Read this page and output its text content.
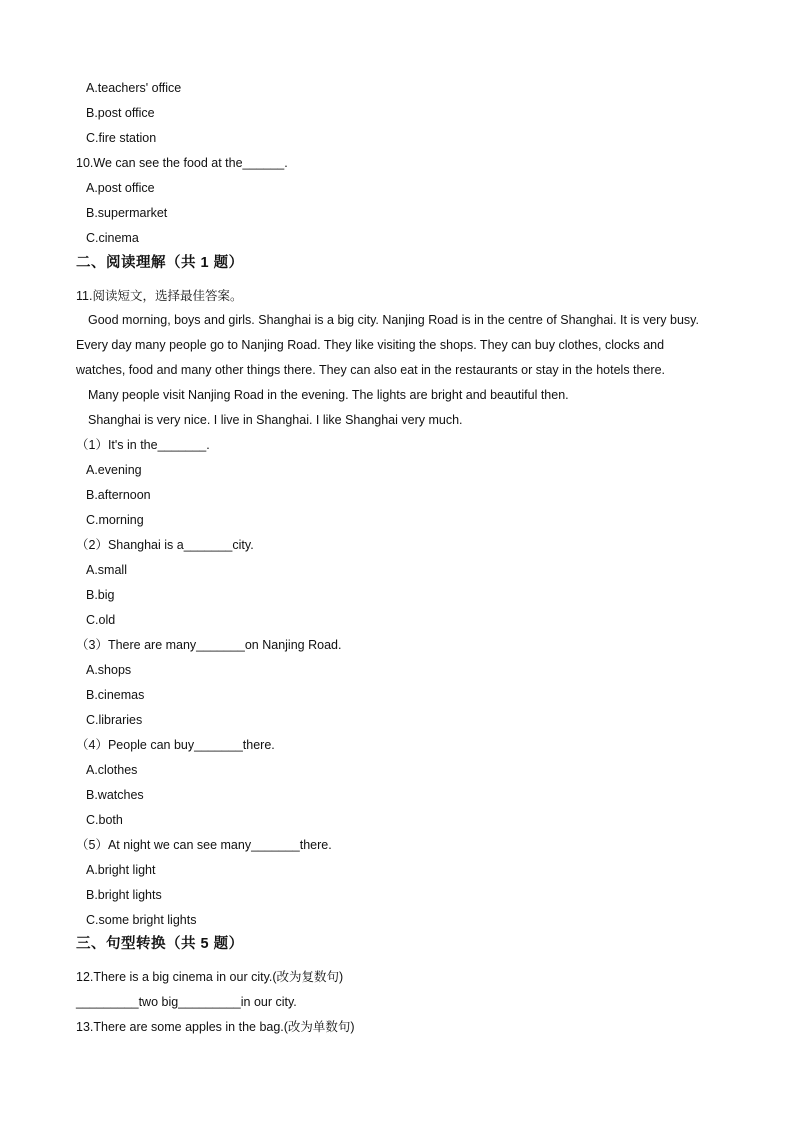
A.teachers' office
B.post office
C.fire station
10.We can see the food at the______.
A.post office
B.supermarket
C.cinema
二、阅读理解（共 1 题）
11.阅读短文，选择最佳答案。
Good morning, boys and girls. Shanghai is a big city. Nanjing Road is in the centre of Shanghai. It is very busy.
Every day many people go to Nanjing Road. They like visiting the shops. They can buy clothes, clocks and
watches, food and many other things there. They can also eat in the restaurants or stay in the hotels there.
Many people visit Nanjing Road in the evening. The lights are bright and beautiful then.
Shanghai is very nice. I live in Shanghai. I like Shanghai very much.
（1）It's in the_______.
A.evening
B.afternoon
C.morning
（2）Shanghai is a_______city.
A.small
B.big
C.old
（3）There are many_______on Nanjing Road.
A.shops
B.cinemas
C.libraries
（4）People can buy_______there.
A.clothes
B.watches
C.both
（5）At night we can see many_______there.
A.bright light
B.bright lights
C.some bright lights
三、句型转换（共 5 题）
12.There is a big cinema in our city.(改为复数句)
_________two big_________in our city.
13.There are some apples in the bag.(改为单数句)
